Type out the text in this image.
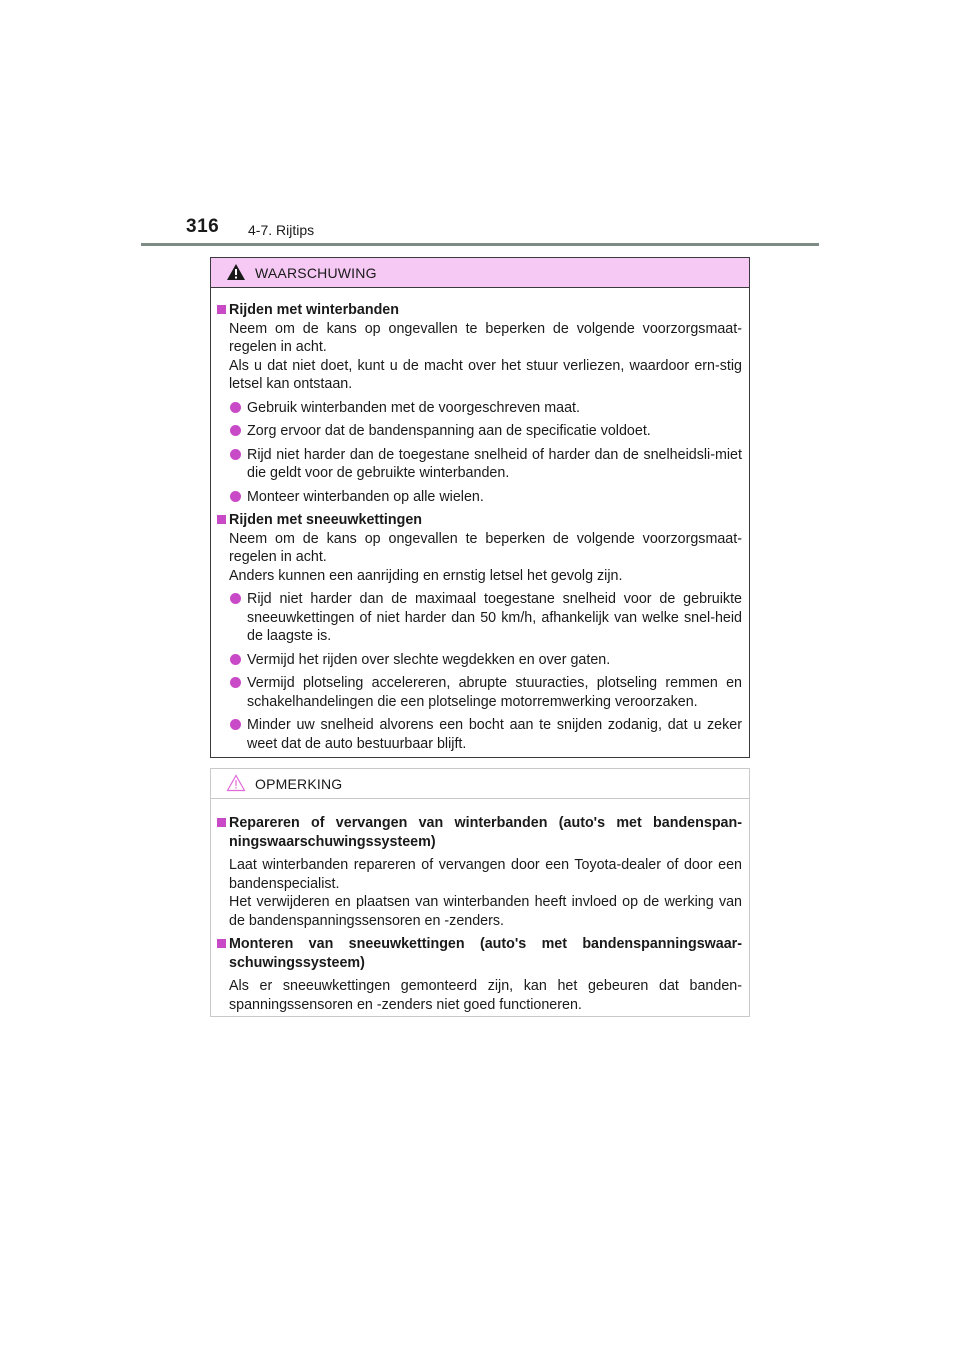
316 4-7. Rijtips
WAARSCHUWING
Rijden met winterbanden
Neem om de kans op ongevallen te beperken de volgende voorzorgsmaat-regelen in acht.
Als u dat niet doet, kunt u de macht over het stuur verliezen, waardoor ern-stig letsel kan ontstaan.
Gebruik winterbanden met de voorgeschreven maat.
Zorg ervoor dat de bandenspanning aan de specificatie voldoet.
Rijd niet harder dan de toegestane snelheid of harder dan de snelheidsli-miet die geldt voor de gebruikte winterbanden.
Monteer winterbanden op alle wielen.
Rijden met sneeuwkettingen
Neem om de kans op ongevallen te beperken de volgende voorzorgsmaat-regelen in acht.
Anders kunnen een aanrijding en ernstig letsel het gevolg zijn.
Rijd niet harder dan de maximaal toegestane snelheid voor de gebruikte sneeuwkettingen of niet harder dan 50 km/h, afhankelijk van welke snel-heid de laagste is.
Vermijd het rijden over slechte wegdekken en over gaten.
Vermijd plotseling accelereren, abrupte stuuracties, plotseling remmen en schakelhandelingen die een plotselinge motorremwerking veroorzaken.
Minder uw snelheid alvorens een bocht aan te snijden zodanig, dat u zeker weet dat de auto bestuurbaar blijft.
OPMERKING
Repareren of vervangen van winterbanden (auto's met bandenspan-ningswaarschuwingssysteem)
Laat winterbanden repareren of vervangen door een Toyota-dealer of door een bandenspecialist.
Het verwijderen en plaatsen van winterbanden heeft invloed op de werking van de bandenspanningssensoren en -zenders.
Monteren van sneeuwkettingen (auto's met bandenspanningswaar-schuwingssysteem)
Als er sneeuwkettingen gemonteerd zijn, kan het gebeuren dat banden-spanningssensoren en -zenders niet goed functioneren.
